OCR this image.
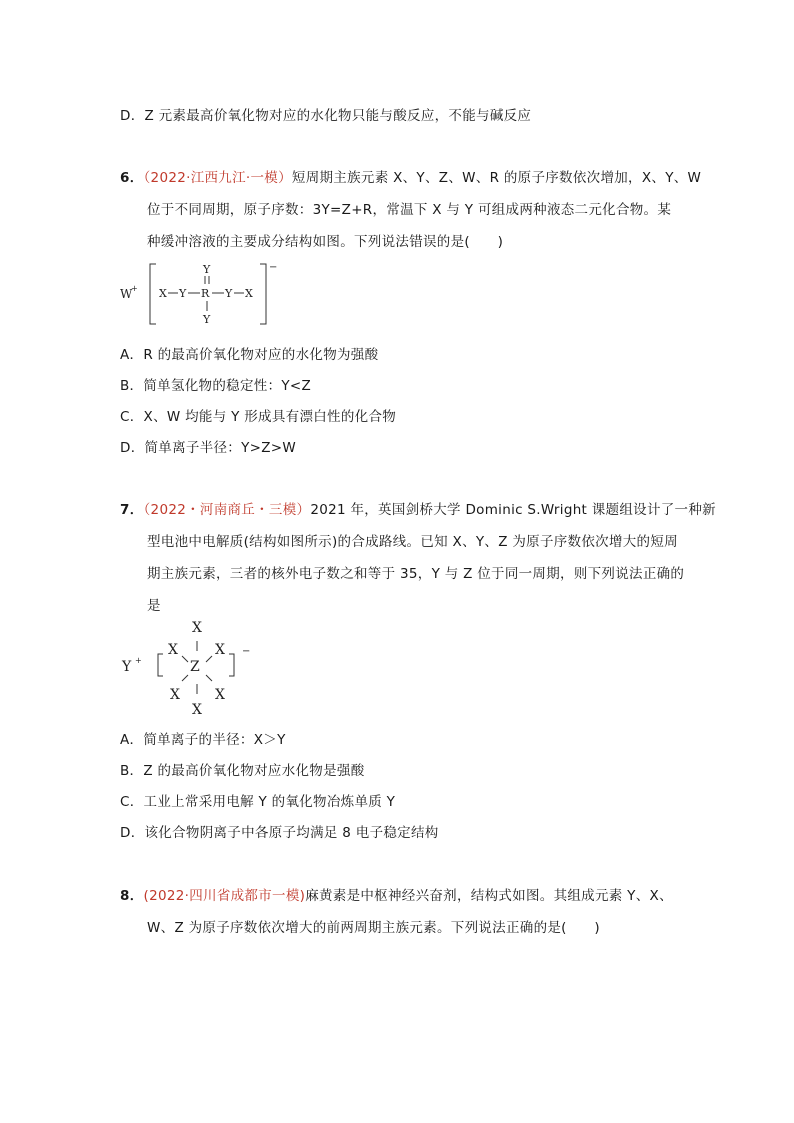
D．Z 元素最高价氧化物对应的水化物只能与酸反应，不能与碱反应
6．（2022·江西九江·一模）短周期主族元素 X、Y、Z、W、R 的原子序数依次增加，X、Y、W
位于不同周期，原子序数：3Y=Z+R，常温下 X 与 Y 可组成两种液态二元化合物。某
种缓冲溶液的主要成分结构如图。下列说法错误的是(　　)
W
+
−
Y
X Y R Y X
Y
A．R 的最高价氧化物对应的水化物为强酸
B．简单氢化物的稳定性：Y<Z
C．X、W 均能与 Y 形成具有漂白性的化合物
D．简单离子半径：Y>Z>W
7．（2022・河南商丘・三模）2021 年，英国剑桥大学 Dominic S.Wright 课题组设计了一种新
型电池中电解质(结构如图所示)的合成路线。已知 X、Y、Z 为原子序数依次增大的短周
期主族元素，三者的核外电子数之和等于 35，Y 与 Z 位于同一周期，则下列说法正确的
是
Y +
−
X
X	X
Z
X	X
X
A．简单离子的半径：X＞Y
B．Z 的最高价氧化物对应水化物是强酸
C．工业上常采用电解 Y 的氧化物冶炼单质 Y
D．该化合物阴离子中各原子均满足 8 电子稳定结构
8．(2022·四川省成都市一模)麻黄素是中枢神经兴奋剂，结构式如图。其组成元素 Y、X、
W、Z 为原子序数依次增大的前两周期主族元素。下列说法正确的是(　　)
